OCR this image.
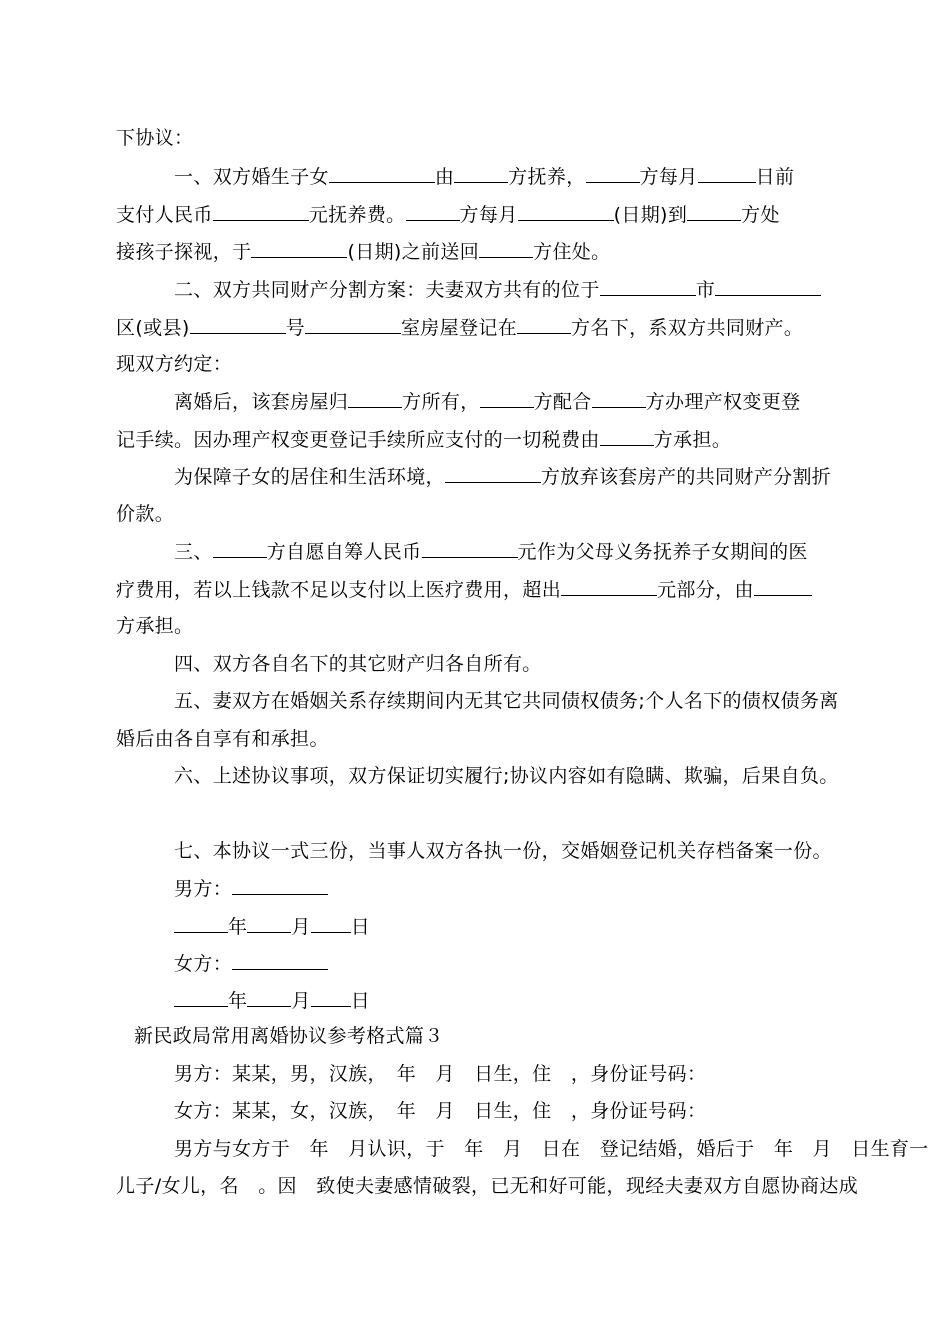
下协议：
一、双方婚生子女	由	方抚养，	方每月	日前
支付人民币	元抚养费。	方每月	(日期)到	方处
接孩子探视，于	(日期)之前送回	方住处。
二、双方共同财产分割方案：夫妻双方共有的位于	市
区(或县)	号	室房屋登记在	方名下，系双方共同财产。
现双方约定：
离婚后，该套房屋归	方所有，	方配合	方办理产权变更登
记手续。因办理产权变更登记手续所应支付的一切税费由	方承担。
为保障子女的居住和生活环境，	方放弃该套房产的共同财产分割折
价款。
三、	方自愿自筹人民币	元作为父母义务抚养子女期间的医
疗费用，若以上钱款不足以支付以上医疗费用，超出	元部分，由
方承担。
四、双方各自名下的其它财产归各自所有。
五、妻双方在婚姻关系存续期间内无其它共同债权债务;个人名下的债权债务离
婚后由各自享有和承担。
六、上述协议事项，双方保证切实履行;协议内容如有隐瞒、欺骗，后果自负。
七、本协议一式三份，当事人双方各执一份，交婚姻登记机关存档备案一份。
男方：
年 月 日
女方：
年 月 日
新民政局常用离婚协议参考格式篇３
男方：某某，男，汉族，　年　月　日生，住　，身份证号码：
女方：某某，女，汉族，　年　月　日生，住　，身份证号码：
男方与女方于　年　月认识，于　年　月　日在　登记结婚，婚后于　年　月　日生育一
儿子/女儿，名　。因　致使夫妻感情破裂，已无和好可能，现经夫妻双方自愿协商达成
